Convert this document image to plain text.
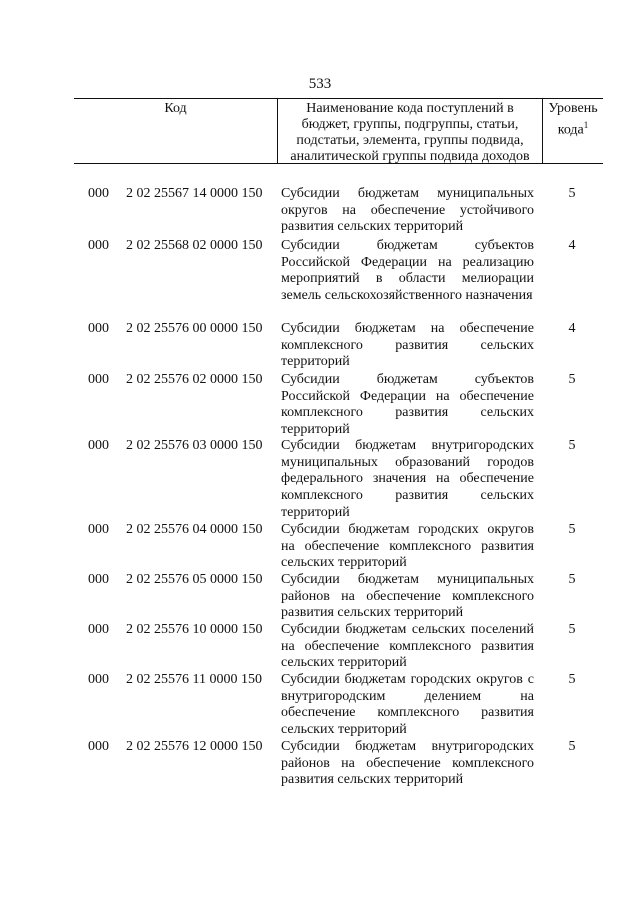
533
Код	Наименование кода поступлений в бюджет, группы, подгруппы, статьи, подстатьи, элемента, группы подвида, аналитической группы подвида доходов
Уровень кода$^1$
000 2 02 25567 14 0000 150 Субсидии бюджетам муниципальных округов на обеспечение устойчивого развития сельских территорий
5
000 2 02 25568 02 0000 150 Субсидии бюджетам субъектов Российской Федерации на реализацию мероприятий в области мелиорации земель сельскохозяйственного назначения
4
000 2 02 25576 00 0000 150 Субсидии бюджетам на обеспечение комплексного развития сельских территорий
4
000 2 02 25576 02 0000 150 Субсидии бюджетам субъектов Российской Федерации на обеспечение комплексного развития сельских территорий
5
000 2 02 25576 03 0000 150 Субсидии бюджетам внутригородских муниципальных образований городов федерального значения на обеспечение комплексного развития сельских территорий
5
000 2 02 25576 04 0000 150 Субсидии бюджетам городских округов на обеспечение комплексного развития сельских территорий
5
000 2 02 25576 05 0000 150 Субсидии бюджетам муниципальных районов на обеспечение комплексного развития сельских территорий
5
000 2 02 25576 10 0000 150 Субсидии бюджетам сельских поселений на обеспечение комплексного развития сельских территорий
5
000 2 02 25576 11 0000 150 Субсидии бюджетам городских округов с внутригородским делением на обеспечение комплексного развития сельских территорий
5
000 2 02 25576 12 0000 150 Субсидии бюджетам внутригородских районов на обеспечение комплексного развития сельских территорий
5
